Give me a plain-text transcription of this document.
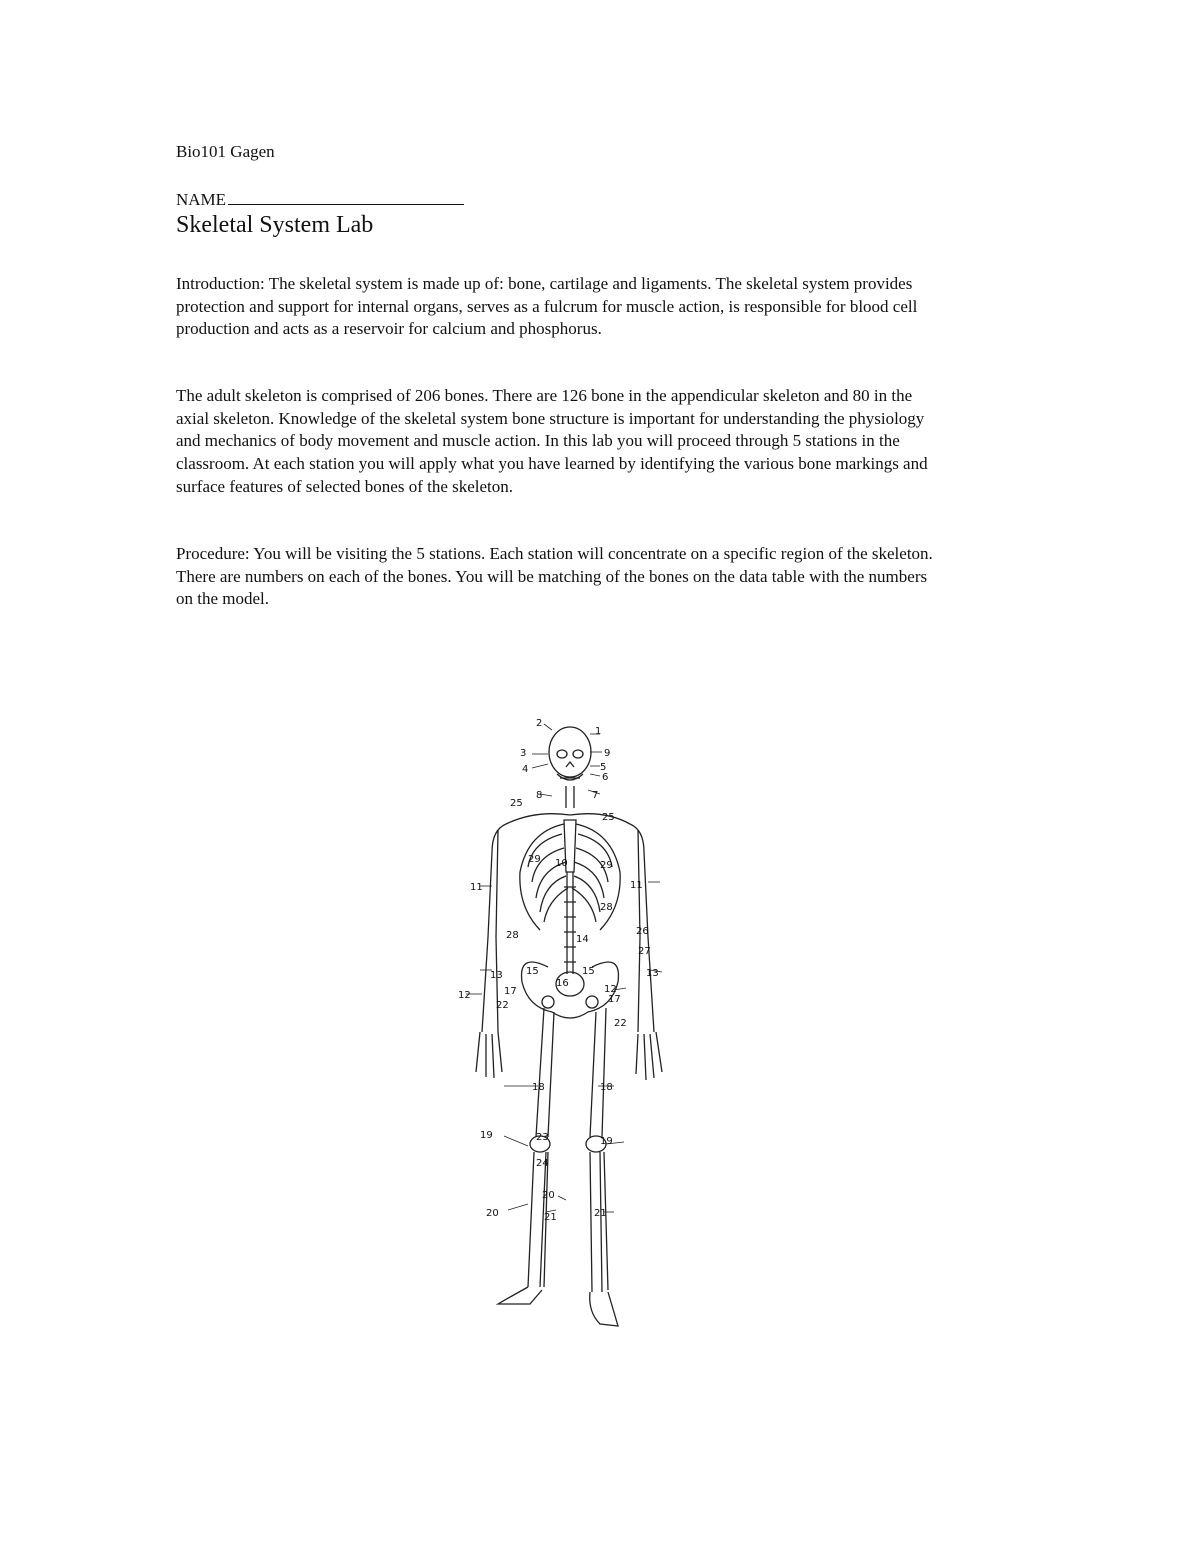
Bio101 Gagen
NAME
Skeletal System Lab

Introduction: The skeletal system is made up of: bone, cartilage and ligaments. The skeletal system provides protection and support for internal organs, serves as a fulcrum for muscle action, is responsible for blood cell production and acts as a reservoir for calcium and phosphorus.

The adult skeleton is comprised of 206 bones. There are 126 bone in the appendicular skeleton and 80 in the axial skeleton. Knowledge of the skeletal system bone structure is important for understanding the physiology and mechanics of body movement and muscle action. In this lab you will proceed through 5 stations in the classroom. At each station you will apply what you have learned by identifying the various bone markings and surface features of selected bones of the skeleton.

Procedure: You will be visiting the 5 stations. Each station will concentrate on a specific region of the skeleton. There are numbers on each of the bones. You will be matching of the bones on the data table with the numbers on the model.

1
2
3
4	5
6
7
8
9
10
11	11
12
12
13	13
14
15	15
16
17
17
18	18
19
19
20
20
21	21
22
22
23
24
25
25
26
27
28
28
29
29
